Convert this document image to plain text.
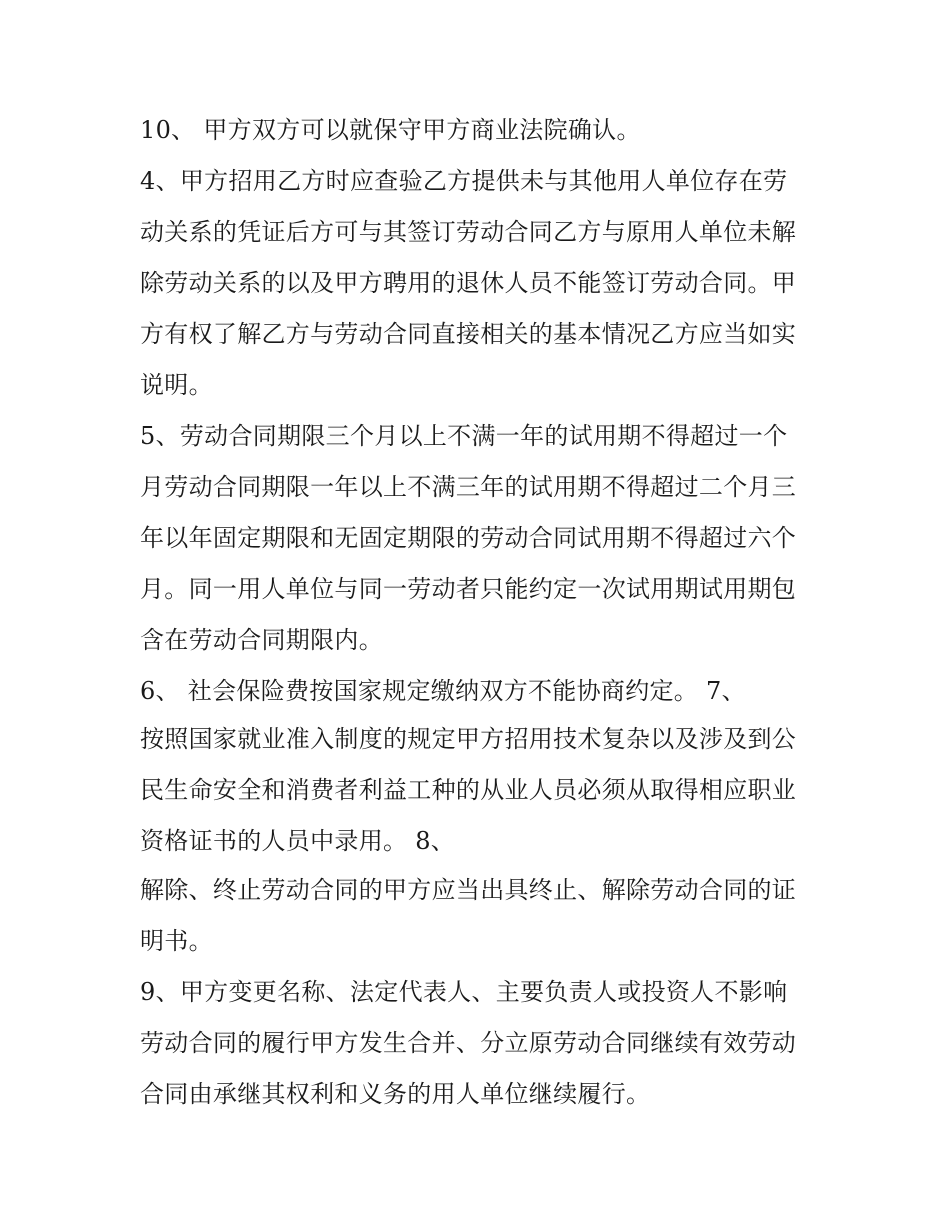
10、 甲方双方可以就保守甲方商业法院确认。

4、甲方招用乙方时应查验乙方提供未与其他用人单位存在劳

动关系的凭证后方可与其签订劳动合同乙方与原用人单位未解

除劳动关系的以及甲方聘用的退休人员不能签订劳动合同。甲

方有权了解乙方与劳动合同直接相关的基本情况乙方应当如实

说明。

5、劳动合同期限三个月以上不满一年的试用期不得超过一个

月劳动合同期限一年以上不满三年的试用期不得超过二个月三

年以年固定期限和无固定期限的劳动合同试用期不得超过六个

月。同一用人单位与同一劳动者只能约定一次试用期试用期包

含在劳动合同期限内。

6、 社会保险费按国家规定缴纳双方不能协商约定。 7、

按照国家就业准入制度的规定甲方招用技术复杂以及涉及到公

民生命安全和消费者利益工种的从业人员必须从取得相应职业

资格证书的人员中录用。 8、

解除、终止劳动合同的甲方应当出具终止、解除劳动合同的证

明书。

9、甲方变更名称、法定代表人、主要负责人或投资人不影响

劳动合同的履行甲方发生合并、分立原劳动合同继续有效劳动

合同由承继其权利和义务的用人单位继续履行。
